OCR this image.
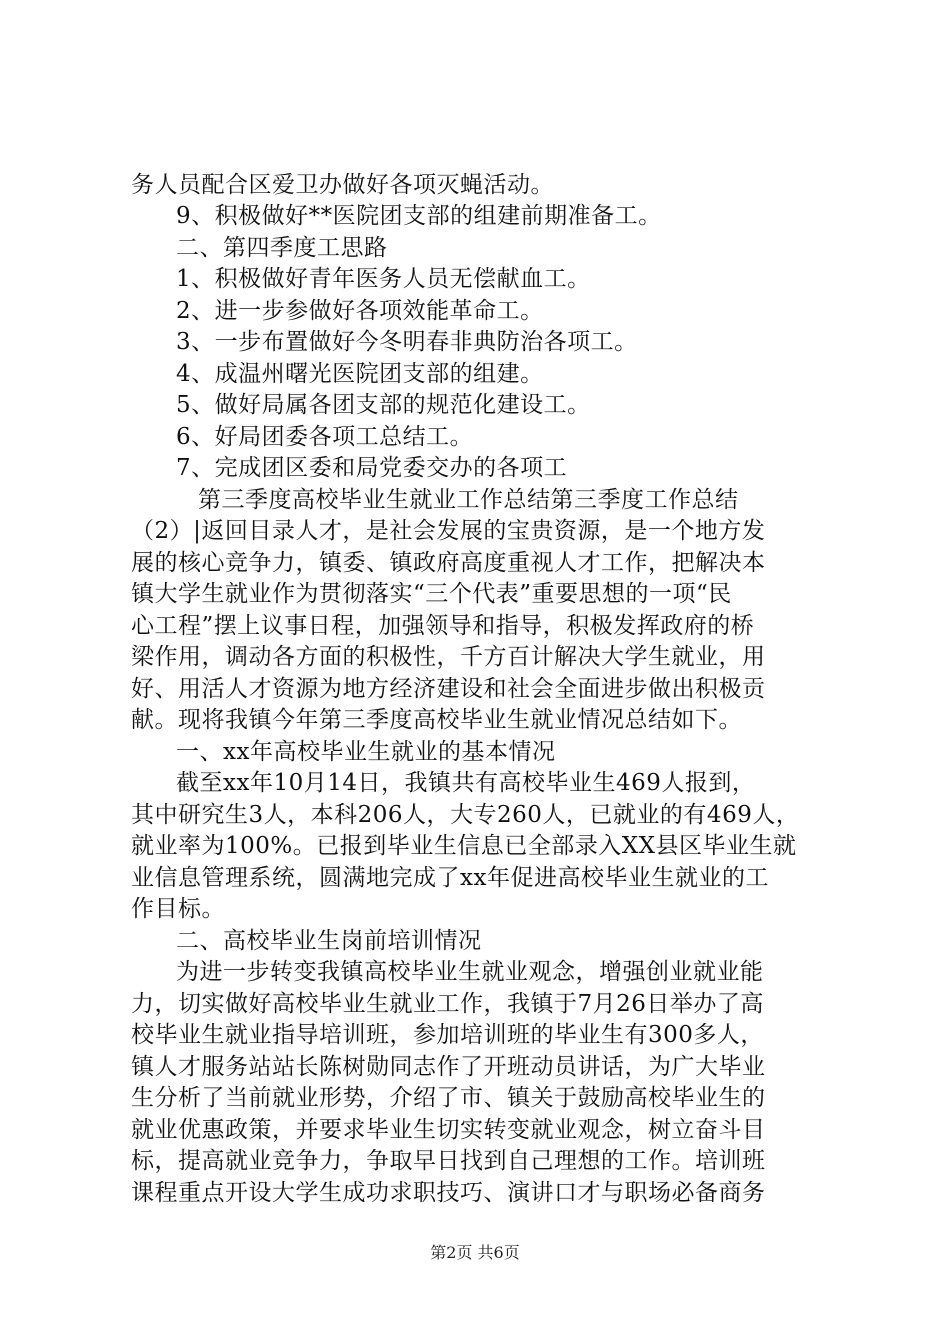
务人员配合区爱卫办做好各项灭蝇活动。
9、积极做好**医院团支部的组建前期准备工。
二、第四季度工思路
1、积极做好青年医务人员无偿献血工。
2、进一步参做好各项效能革命工。
3、一步布置做好今冬明春非典防治各项工。
4、成温州曙光医院团支部的组建。
5、做好局属各团支部的规范化建设工。
6、好局团委各项工总结工。
7、完成团区委和局党委交办的各项工
第三季度高校毕业生就业工作总结第三季度工作总结
（2）|返回目录人才，是社会发展的宝贵资源，是一个地方发
展的核心竞争力，镇委、镇政府高度重视人才工作，把解决本
镇大学生就业作为贯彻落实“三个代表”重要思想的一项“民
心工程”摆上议事日程，加强领导和指导，积极发挥政府的桥
梁作用，调动各方面的积极性，千方百计解决大学生就业，用
好、用活人才资源为地方经济建设和社会全面进步做出积极贡
献。现将我镇今年第三季度高校毕业生就业情况总结如下。
一、xx年高校毕业生就业的基本情况
截至xx年10月14日，我镇共有高校毕业生469人报到，
其中研究生3人，本科206人，大专260人，已就业的有469人，
就业率为100%。已报到毕业生信息已全部录入XX县区毕业生就
业信息管理系统，圆满地完成了xx年促进高校毕业生就业的工
作目标。
二、高校毕业生岗前培训情况
为进一步转变我镇高校毕业生就业观念，增强创业就业能
力，切实做好高校毕业生就业工作，我镇于7月26日举办了高
校毕业生就业指导培训班，参加培训班的毕业生有300多人，
镇人才服务站站长陈树勋同志作了开班动员讲话，为广大毕业
生分析了当前就业形势，介绍了市、镇关于鼓励高校毕业生的
就业优惠政策，并要求毕业生切实转变就业观念，树立奋斗目
标，提高就业竞争力，争取早日找到自己理想的工作。培训班
课程重点开设大学生成功求职技巧、演讲口才与职场必备商务
第2页 共6页
